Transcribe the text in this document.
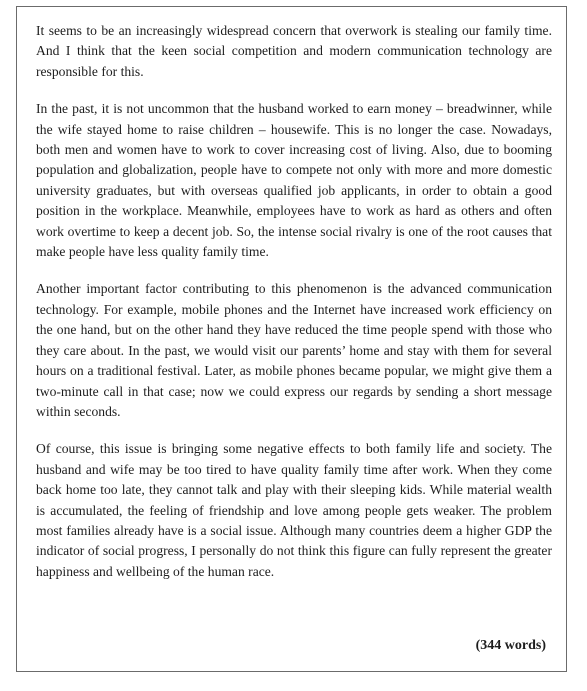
It seems to be an increasingly widespread concern that overwork is stealing our family time. And I think that the keen social competition and modern communication technology are responsible for this.

In the past, it is not uncommon that the husband worked to earn money – breadwinner, while the wife stayed home to raise children – housewife. This is no longer the case. Nowadays, both men and women have to work to cover increasing cost of living. Also, due to booming population and globalization, people have to compete not only with more and more domestic university graduates, but with overseas qualified job applicants, in order to obtain a good position in the workplace. Meanwhile, employees have to work as hard as others and often work overtime to keep a decent job. So, the intense social rivalry is one of the root causes that make people have less quality family time.

Another important factor contributing to this phenomenon is the advanced communication technology. For example, mobile phones and the Internet have increased work efficiency on the one hand, but on the other hand they have reduced the time people spend with those who they care about. In the past, we would visit our parents’ home and stay with them for several hours on a traditional festival. Later, as mobile phones became popular, we might give them a two-minute call in that case; now we could express our regards by sending a short message within seconds.

Of course, this issue is bringing some negative effects to both family life and society. The husband and wife may be too tired to have quality family time after work. When they come back home too late, they cannot talk and play with their sleeping kids. While material wealth is accumulated, the feeling of friendship and love among people gets weaker. The problem most families already have is a social issue. Although many countries deem a higher GDP the indicator of social progress, I personally do not think this figure can fully represent the greater happiness and wellbeing of the human race.

(344 words)
